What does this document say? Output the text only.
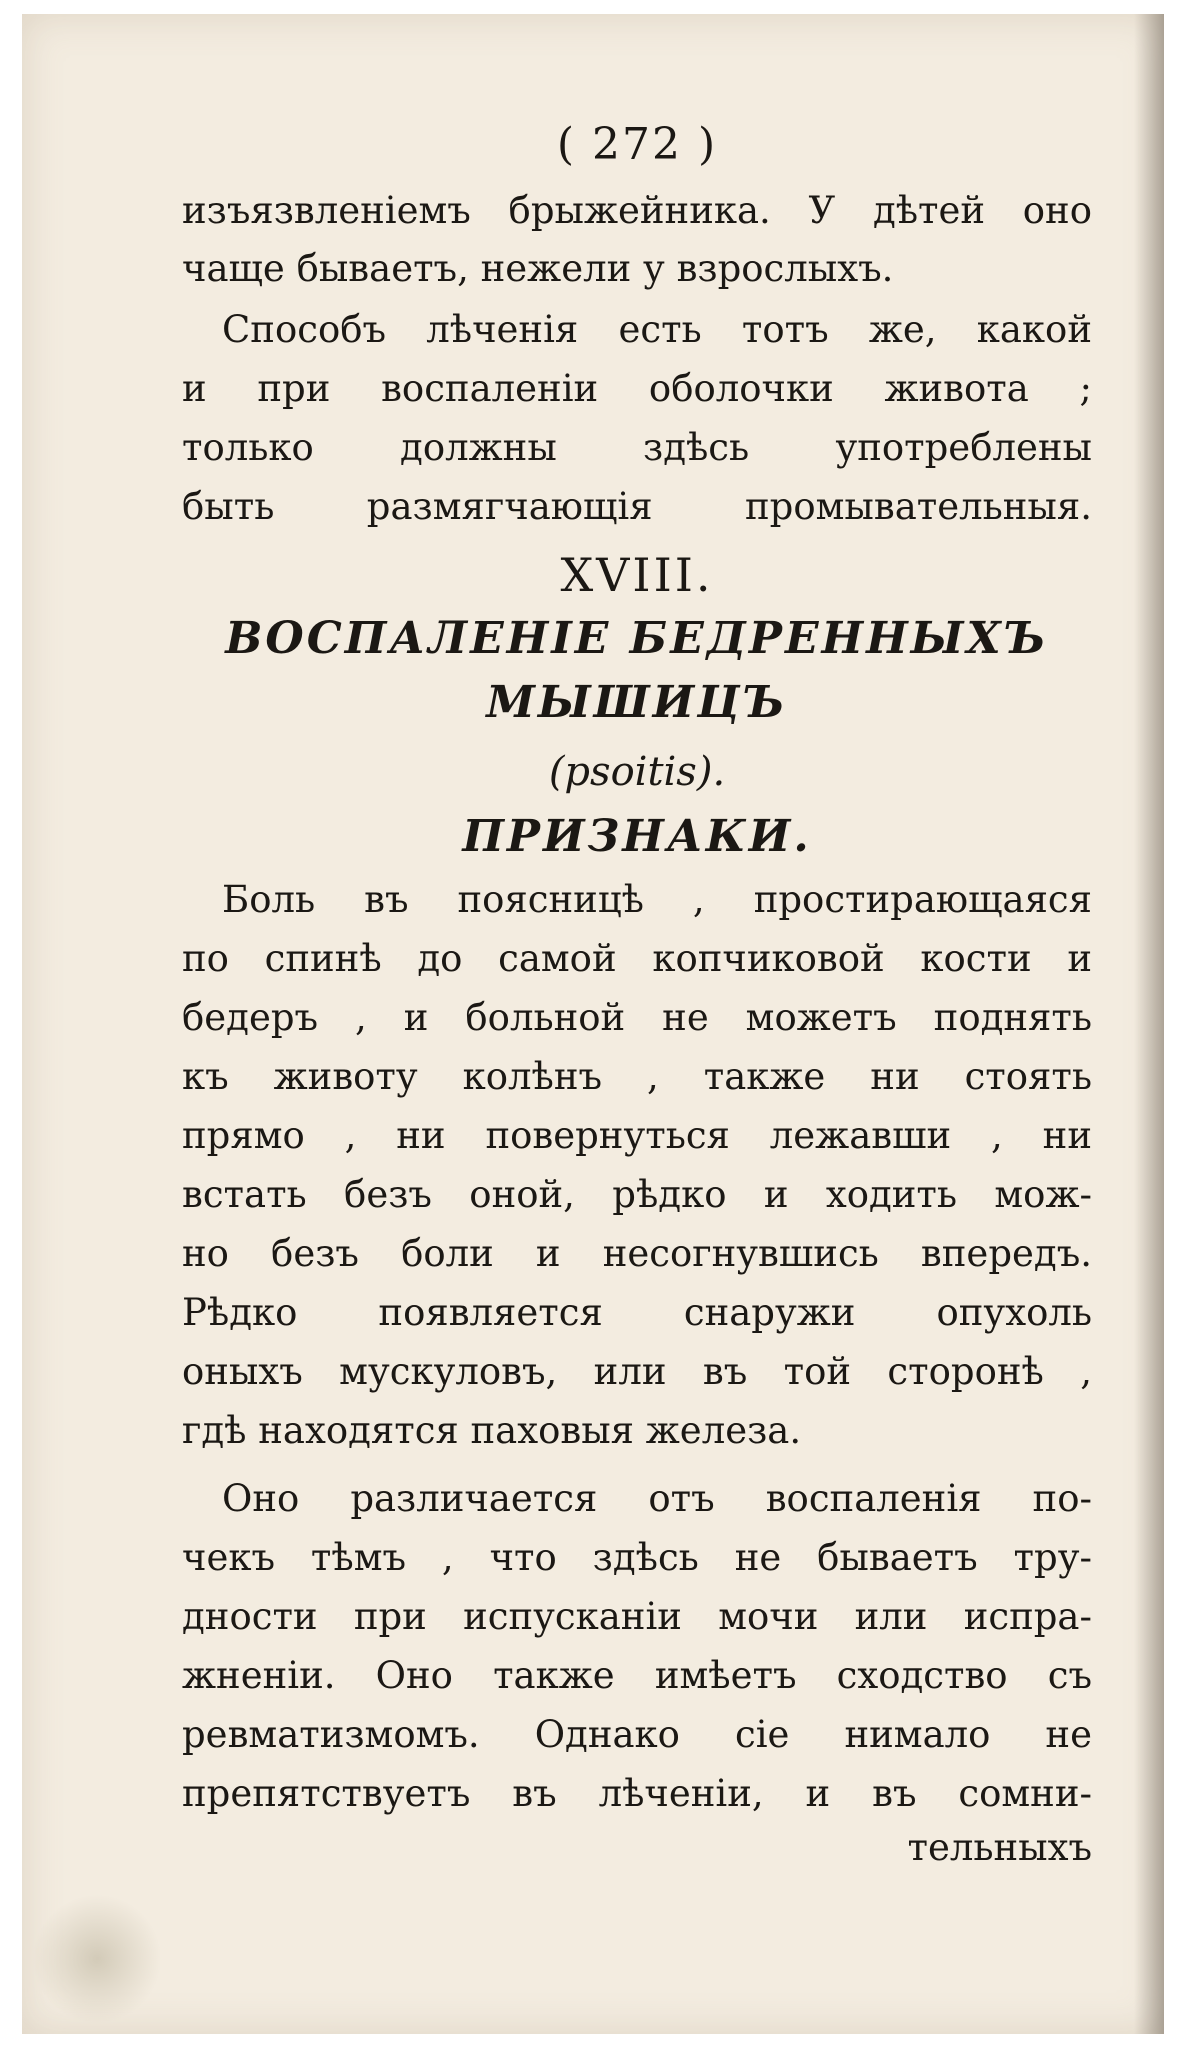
( 272 )
изъязвленіемъ брыжейника. У дѣтей оно
чаще бываетъ, нежели у взрослыхъ.
Способъ лѣченія есть тотъ же, какой
и при воспаленіи оболочки живота ;
только должны здѣсь употреблены
быть размягчающія промывательныя.
XVIII.
ВОСПАЛЕНІЕ БЕДРЕННЫХЪ
МЫШИЦЪ
(psoitis).
ПРИЗНАКИ.
Боль въ поясницѣ , простирающаяся
по спинѣ до самой копчиковой кости и
бедеръ , и больной не можетъ поднять
къ животу колѣнъ , также ни стоять
прямо , ни повернуться лежавши , ни
встать безъ оной, рѣдко и ходить мож-
но безъ боли и несогнувшись впередъ.
Рѣдко появляется снаружи опухоль
оныхъ мускуловъ, или въ той сторонѣ ,
гдѣ находятся паховыя железа.
Оно различается отъ воспаленія по-
чекъ тѣмъ , что здѣсь не бываетъ тру-
дности при испусканіи мочи или испра-
жненіи. Оно также имѣетъ сходство съ
ревматизмомъ. Однако сіе нимало не
препятствуетъ въ лѣченіи, и въ сомни-
тельныхъ
